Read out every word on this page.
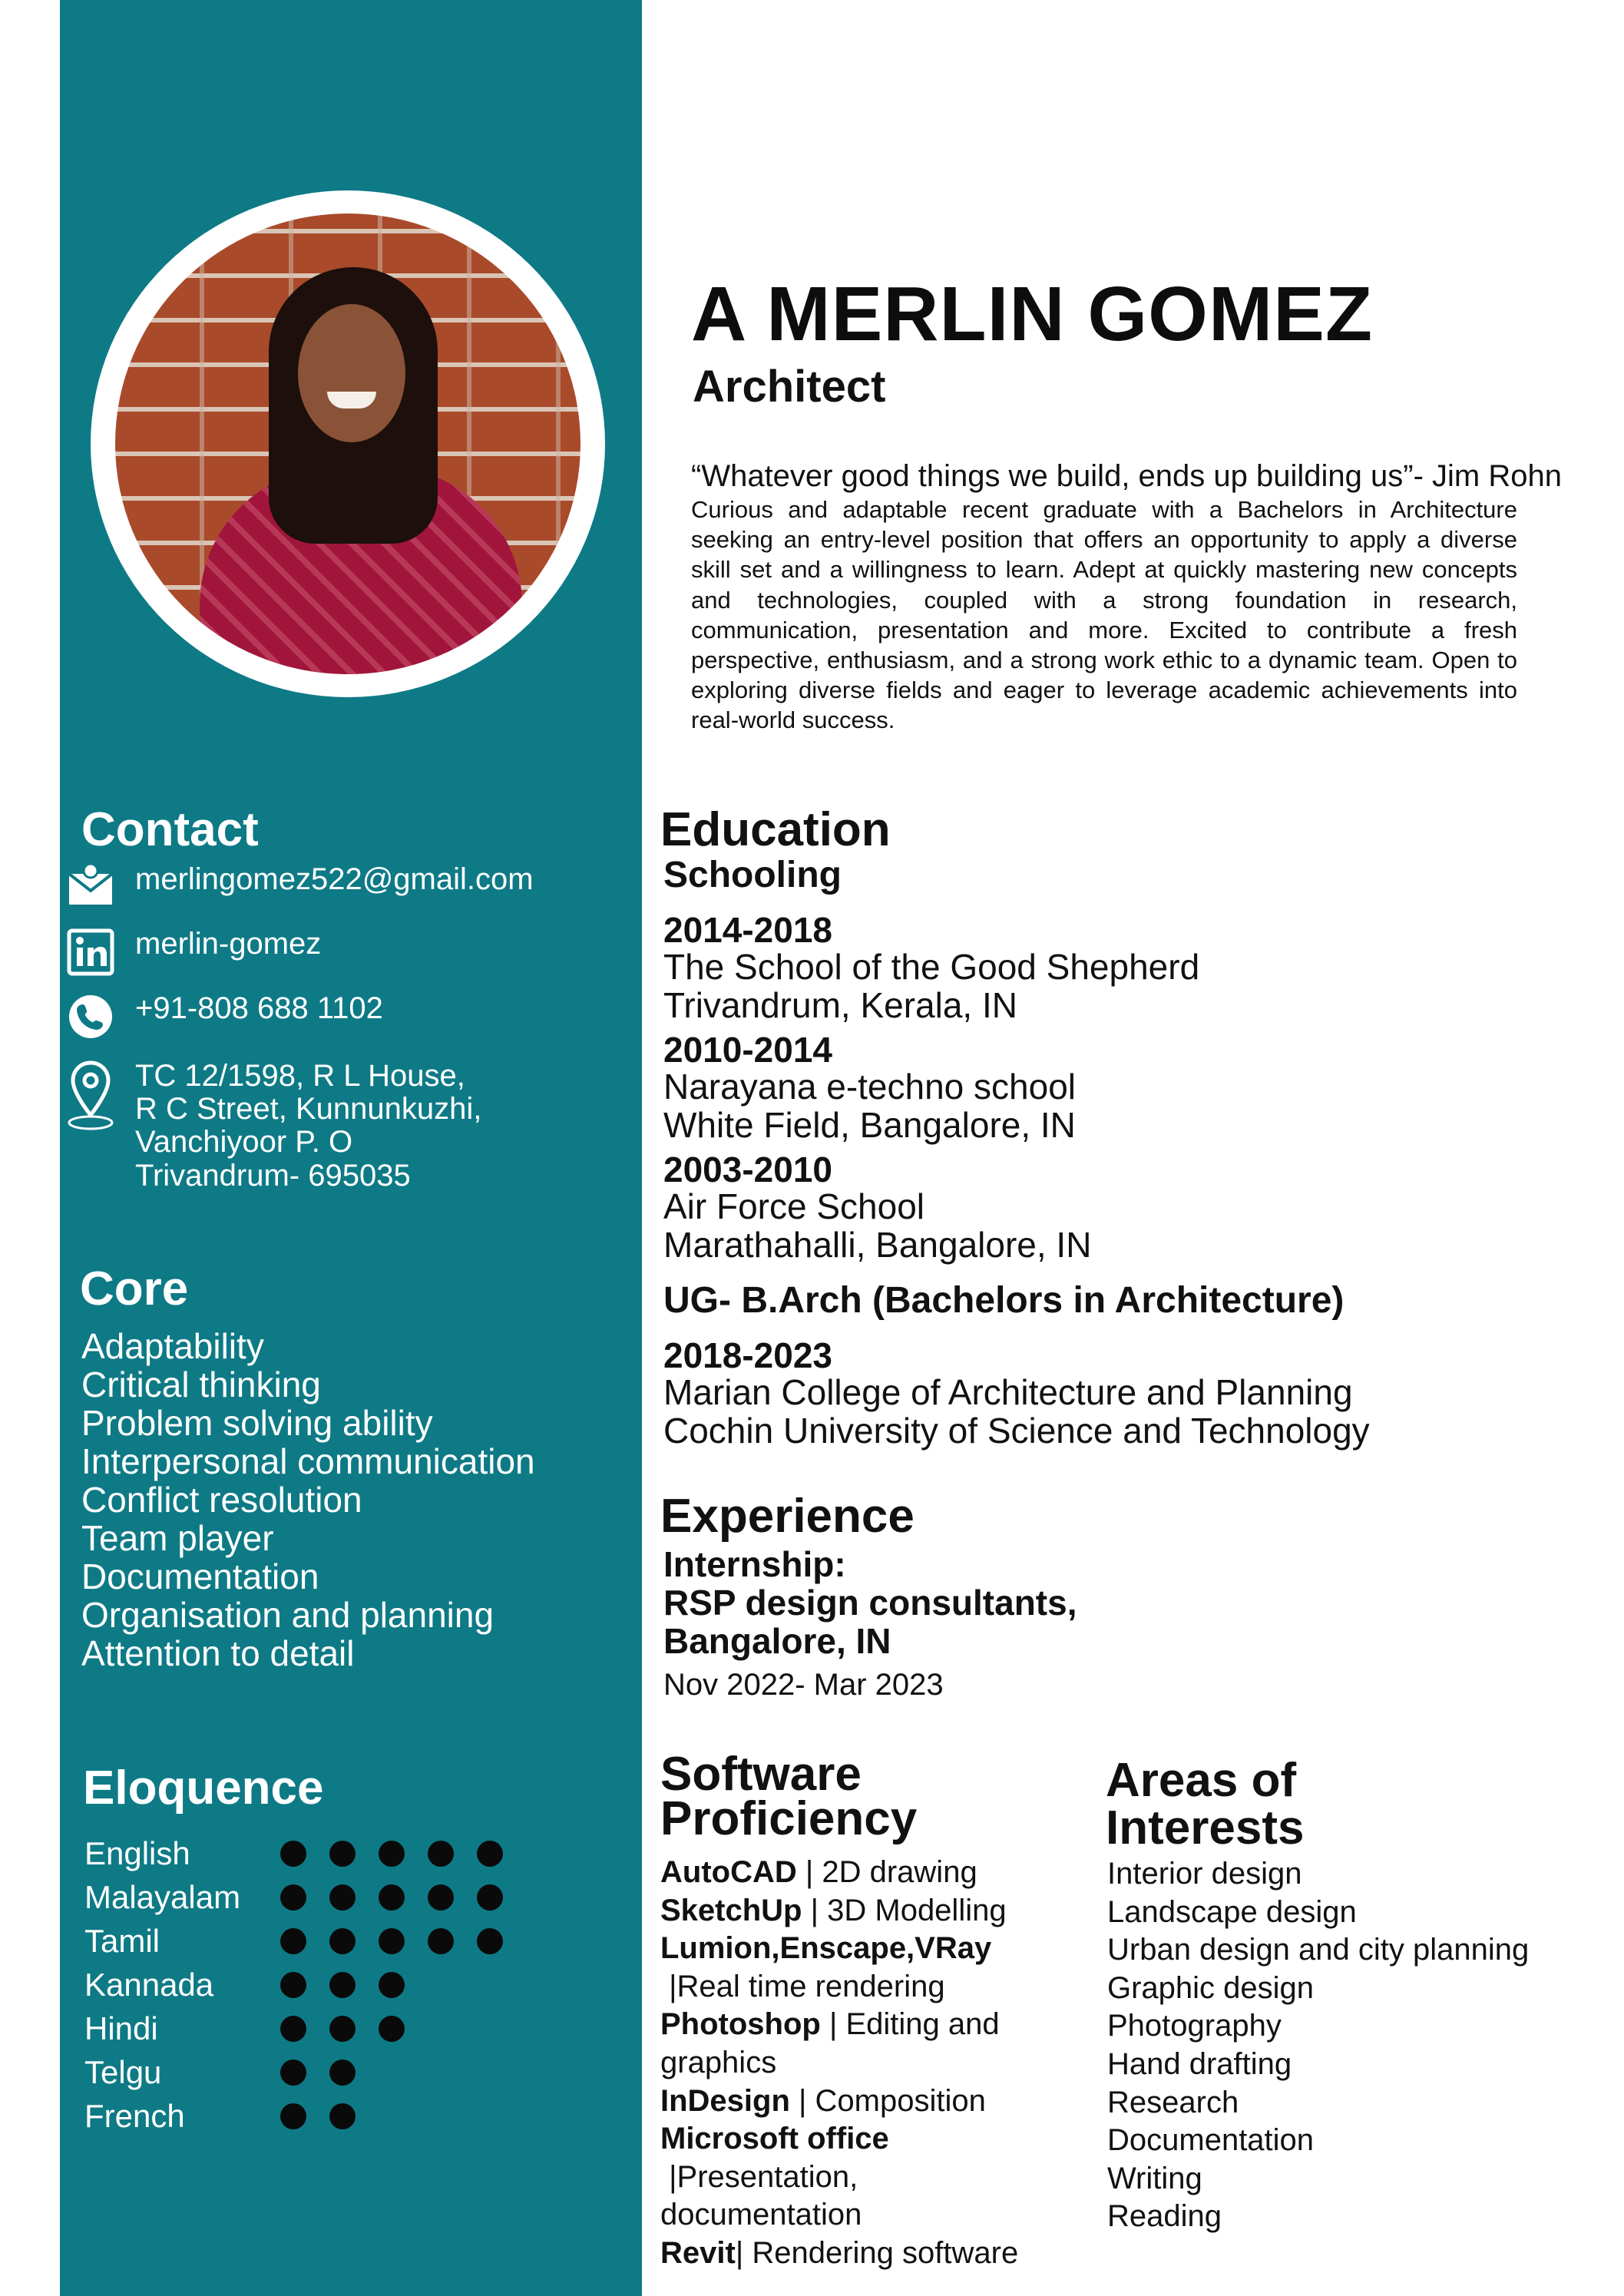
Contact
merlingomez522@gmail.com
merlin-gomez
+91-808 688 1102
TC 12/1598, R L House,
R C Street, Kunnunkuzhi,
Vanchiyoor P. O
Trivandrum- 695035
Core
Adaptability
Critical thinking
Problem solving ability
Interpersonal communication
Conflict resolution
Team player
Documentation
Organisation and planning
Attention to detail
Eloquence
English
Malayalam
Tamil
Kannada
Hindi
Telgu
French
A MERLIN GOMEZ
Architect
“Whatever good things we build, ends up building us”- Jim Rohn

Curious and adaptable recent graduate with a Bachelors in Architecture seeking an entry-level position that offers an opportunity to apply a diverse skill set and a willingness to learn. Adept at quickly mastering new concepts and technologies, coupled with a strong foundation in research, communication, presentation and more. Excited to contribute a fresh perspective, enthusiasm, and a strong work ethic to a dynamic team. Open to exploring diverse fields and eager to leverage academic achievements into real-world success.

Education
Schooling
2014-2018
The School of the Good Shepherd
Trivandrum, Kerala, IN
2010-2014
Narayana e-techno school
White Field, Bangalore, IN
2003-2010
Air Force School
Marathahalli, Bangalore, IN
UG- B.Arch (Bachelors in Architecture)
2018-2023
Marian College of Architecture and Planning
Cochin University of Science and Technology
Experience
Internship:
RSP design consultants,
Bangalore, IN
Nov 2022- Mar 2023
Software
Proficiency
AutoCAD | 2D drawing
SketchUp | 3D Modelling
Lumion,Enscape,VRay |Real time rendering
Photoshop | Editing and graphics
InDesign | Composition
Microsoft office |Presentation, documentation
Revit| Rendering software
Areas of
Interests
Interior design
Landscape design
Urban design and city planning
Graphic design
Photography
Hand drafting
Research
Documentation
Writing
Reading
